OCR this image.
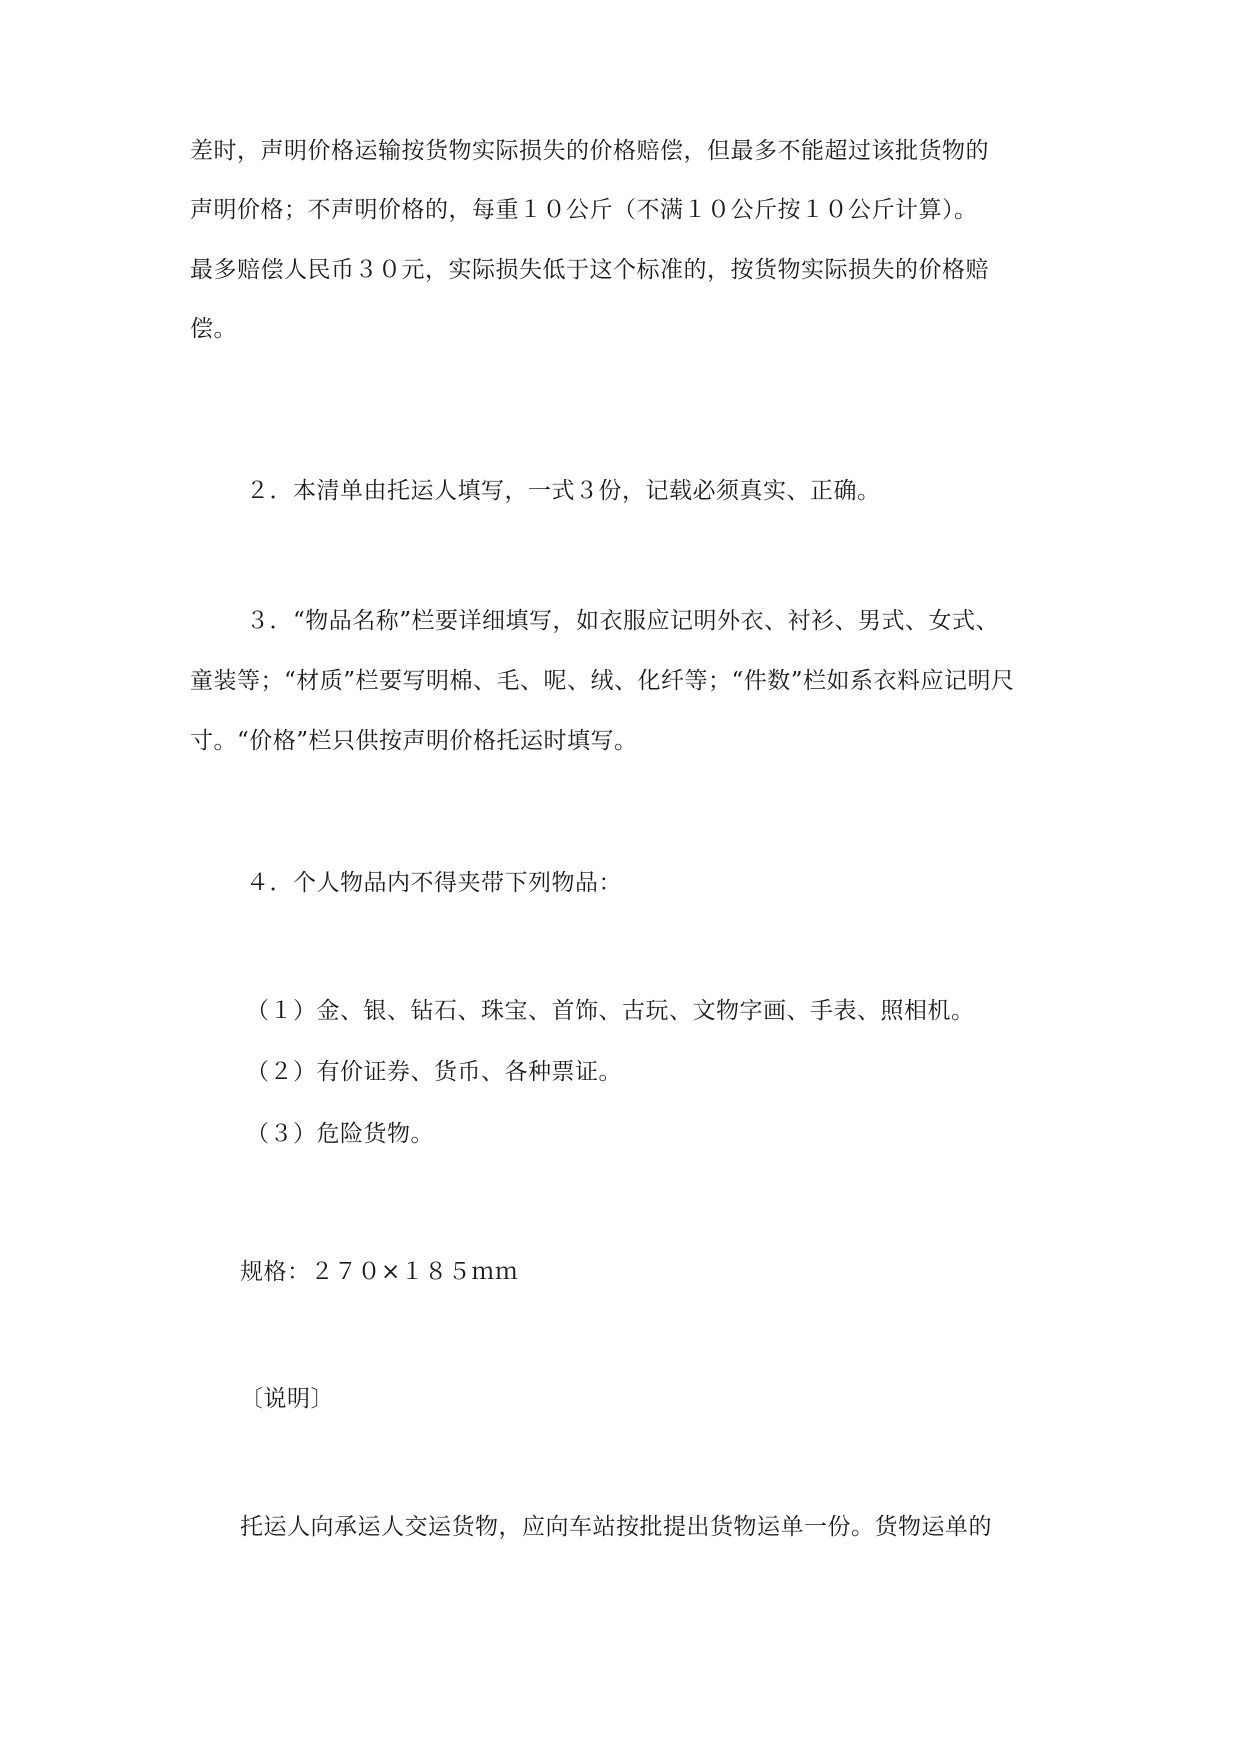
差时，声明价格运输按货物实际损失的价格赔偿，但最多不能超过该批货物的
声明价格；不声明价格的，每重１０公斤（不满１０公斤按１０公斤计算）。
最多赔偿人民币３０元，实际损失低于这个标准的，按货物实际损失的价格赔
偿。
２．本清单由托运人填写，一式３份，记载必须真实、正确。
３．“物品名称”栏要详细填写，如衣服应记明外衣、衬衫、男式、女式、
童装等；“材质”栏要写明棉、毛、呢、绒、化纤等；“件数”栏如系衣料应记明尺
寸。“价格”栏只供按声明价格托运时填写。
４．个人物品内不得夹带下列物品：
（１）金、银、钻石、珠宝、首饰、古玩、文物字画、手表、照相机。
（２）有价证券、货币、各种票证。
（３）危险货物。
规格：２７０×１８５ｍｍ
〔说明〕
托运人向承运人交运货物，应向车站按批提出货物运单一份。货物运单的
